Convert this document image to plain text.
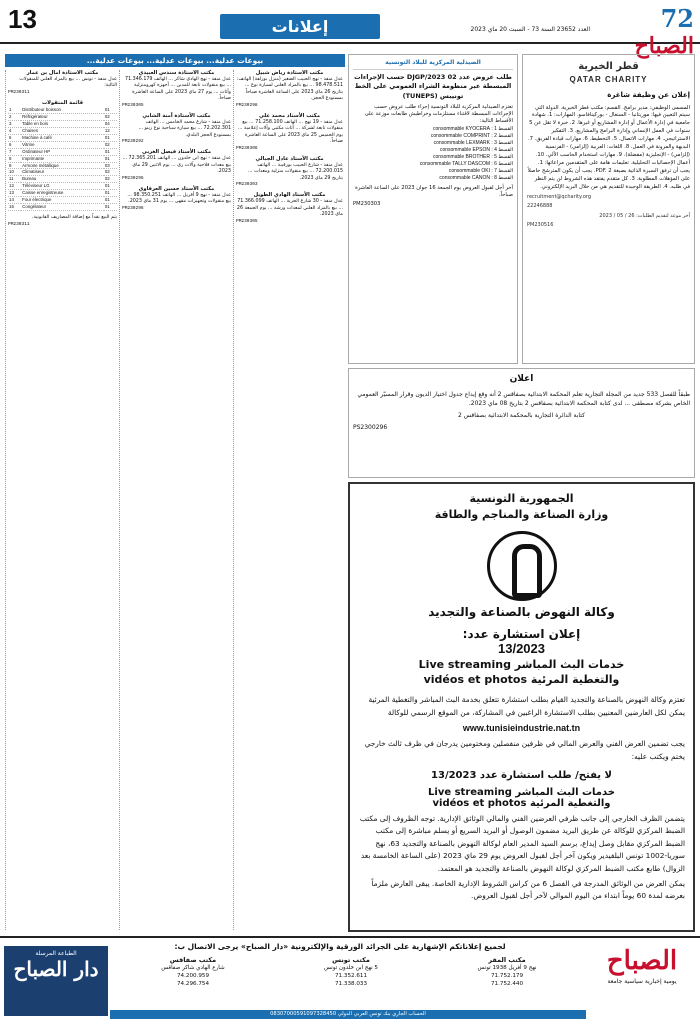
13	إعلانات	العدد 23652 السنة 73 - السبت 20 ماي 2023	72 الصباح
قطر الخيرية
QATAR CHARITY
إعلان عن وظيفة شاغرة
المسمى الوظيفي: مدير برامج. القسم: مكتب قطر الخيرية. الدولة التي سيتم التعيين فيها: موريتانيا - السنغال - بوركينافاسو. المهارات: 1. شهادة جامعية في إدارة الأعمال أو إدارة المشاريع أو غيرها. 2. خبرة لا تقل عن 5 سنوات في العمل الإنساني وإدارة البرامج والمشاريع. 3. التفكير الاستراتيجي. 4. مهارات الاتصال. 5. التخطيط. 6. مهارات قيادة الفريق. 7. البديهة والمرونة في العمل. 8. اللغات: العربية (إلزامي) - الفرنسية (إلزامي) - الإنجليزية (مفضلة). 9. مهارات استخدام الحاسب الآلي. 10. أعمال الإحصائيات التحليلية. تعليمات هامة على المتقدمين مراعاتها: 1. يجب أن ترفق السيرة الذاتية بصيغة PDF. 2. يجب أن يكون المترشح حاصلاً على المؤهلات المطلوبة. 3. كل متقدم يفتقد هذه الشروط لن يتم النظر في طلبه. 4. الطريقة الوحيدة للتقديم هي من خلال البريد الإلكتروني.
recruitment@qcharity.org
22246888
آخر موعد لتقديم الطلبات: 26 / 05 / 2023
PM230516
الصيدلية المركزية للبلاد التونسية
طلب عروض عدد 02 2023/DJGP حسب الإجراءات المبسطة عبر منظومة الشراء العمومي على الخط تونيبس (TUNEPS)
تعتزم الصيدلية المركزية للبلاد التونسية إجراء طلب عروض حسب الإجراءات المبسطة لاقتناء مستلزمات وخراطيش طابعات موزعة على الأقساط التالية:
القسط 1 : consommable KYOCERA
القسط 2 : consommable COMPRINT
القسط 3 : consommable LEXMARK
القسط 4 : consommable EPSON
القسط 5 : consommable BROTHER
القسط 6 : consommable TALLY DASCOM
القسط 7 : consommable OKI
القسط 8 : consommable CANON
آخر أجل لقبول العروض يوم الجمعة 16 جوان 2023 على الساعة العاشرة صباحاً.
PM230303
اعلان
طبقاً للفصل 533 جديد من المجلة التجارية تعلم المحكمة الابتدائية بصفاقس 2 أنه وقع إيداع جدول اختيار الديون وقرار المسيّر العمومي الخاص بشركة مصطفى ... لدى كتابة المحكمة الابتدائية بصفاقس 2 بتاريخ 08 ماي 2023.
كتابة الدائرة التجارية بالمحكمة الابتدائية بصفاقس 2
PS2300296
الجمهورية التونسية
وزارة الصناعة والمناجم والطاقة
وكالة النهوض بالصناعة والتجديد
إعلان استشارة عدد:
13/2023
خدمات البث المباشر Live streaming
والتغطية المرئية vidéos et photos
تعتزم وكالة النهوض بالصناعة والتجديد القيام بطلب استشارة تتعلق بخدمة البث المباشر والتغطية المرئية يمكن لكل العارضين المعنيين بطلب الاستشارة الراغبين في المشاركة، من الموقع الرسمي للوكالة
www.tunisieindustrie.nat.tn
يجب تضمين العرض الفني والعرض المالي في ظرفين منفصلين ومختومين يدرجان في ظرف ثالث خارجي يختم ويكتب عليه:
لا يفتح/ طلب استشارة عدد 13/2023
خدمات البث المباشر Live streaming
والتغطية المرئية vidéos et photos
يتضمن الظرف الخارجي إلى جانب ظرفي العرضين الفني والمالي الوثائق الإدارية. توجه الظروف إلى مكتب الضبط المركزي للوكالة عن طريق البريد مضمون الوصول أو البريد السريع أو يسلم مباشرة إلى مكتب الضبط المركزي مقابل وصل إيداع، برسم السيد المدير العام لوكالة النهوض بالصناعة والتجديد 63، نهج سوريا-1002 تونس البلفيدير ويكون آخر أجل لقبول العروض يوم 29 ماي 2023 (على الساعة الخامسة بعد الزوال) طابع مكتب الضبط المركزي لوكالة النهوض بالصناعة والتجديد هو المعتمد.
يمكن العرض من الوثائق المدرجة في الفصل 6 من كراس الشروط الإدارية الخاصة. يبقى العارض ملزماً بعرضه لمدة 60 يوماً ابتداء من اليوم الموالي لآخر أجل لقبول العروض.
بيوعات عدلية... بيوعات عدلية... بيوعات عدلية...
مكتب الأستاذة رياض شبيل
عدل منفذ - نهج الحبيب الصغير (منزل بوزلفة) الهاتف: 98.478.511 ... بيع بالمزاد العلني لسيارة نوع ... بتاريخ 26 ماي 2023 على الساعة العاشرة صباحاً بمستودع الحجز.
PM230298
مكتب الأستاذ محمد علي
عدل منفذ - 19 نهج ... الهاتف 71.258.100 ... بيع منقولات تابعة لشركة ... أثاث مكتبي وآلات إعلامية ... يوم الخميس 25 ماي 2023 على الساعة العاشرة صباحاً.
PM230306
مكتب الأستاذ عادل الجبالي
عدل منفذ - شارع الحبيب بورقيبة ... الهاتف 72.200.015 ... بيع منقولات منزلية ومعدات ... بتاريخ 29 ماي 2023.
PM230303
مكتب الأستاذ الهادي الطويل
عدل منفذ - 30 شارع الحرية ... الهاتف 71.366.099 ... بيع بالمزاد العلني لمعدات ورشة ... يوم الجمعة 26 ماي 2023.
PM230305
مكتب الأستاذة سندس العبيدي
عدل منفذ - نهج الهادي شاكر ... الهاتف 71.346.179 ... بيع منقولات تابعة للمدين ... أجهزة كهرومنزلية وأثاث ... يوم 27 ماي 2023 على الساعة العاشرة صباحاً.
PM230305
مكتب الأستاذة آمنة الشابي
عدل منفذ - شارع محمد الخامس ... الهاتف 72.202.301 ... بيع سيارة سياحية نوع رينو ... بمستودع الحجز البلدي.
PM230292
مكتب الأستاذ فيصل الغربي
عدل منفذ - نهج ابن خلدون ... الهاتف 72.365.201 ... بيع معدات فلاحية وآلات ري ... يوم الاثنين 29 ماي 2023.
PM230295
مكتب الأستاذ حسين العرفاوي
عدل منفذ - نهج 9 أفريل ... الهاتف 98.350.251 ... بيع منقولات وتجهيزات مقهى ... يوم 31 ماي 2023.
PM230296
مكتب الأستاذة آمال بن عمار
عدل منفذ - تونس ... بيع بالمزاد العلني للمنقولات التالية:
PM230311
قائمة المنقولات
1	Distributeur boisson	01
2	Réfrigérateur	02
3	Table en bois	04
4	Chaises	12
5	Machine à café	01
6	Vitrine	02
7	Ordinateur HP	01
8	Imprimante	01
9	Armoire métallique	03
10	Climatiseur	02
11	Bureau	02
12	Téléviseur LG	01
13	Caisse enregistreuse	01
14	Four électrique	01
15	Congélateur	01
يتم البيع نقداً مع إضافة المصاريف القانونية.
PM230311
لجميع إعلاناتكم الإشهارية على الجرائد الورقية والإلكترونية «دار الصباح» يرجى الاتصال ب:
مكتب المقر
نهج 9 أفريل 1938 تونس
71.752.179
71.752.440
مكتب تونس
5 نهج ابن خلدون تونس
71.352.611
71.338.033
مكتب صفاقس
شارع الهادي شاكر صفاقس
74.200.959
74.296.754
الصباح
يومية إخبارية سياسية جامعة
الطباعة المرسلة
دار الصباح
الحساب الجاري بنك تونس العربي الدولي 08307000591097328450
